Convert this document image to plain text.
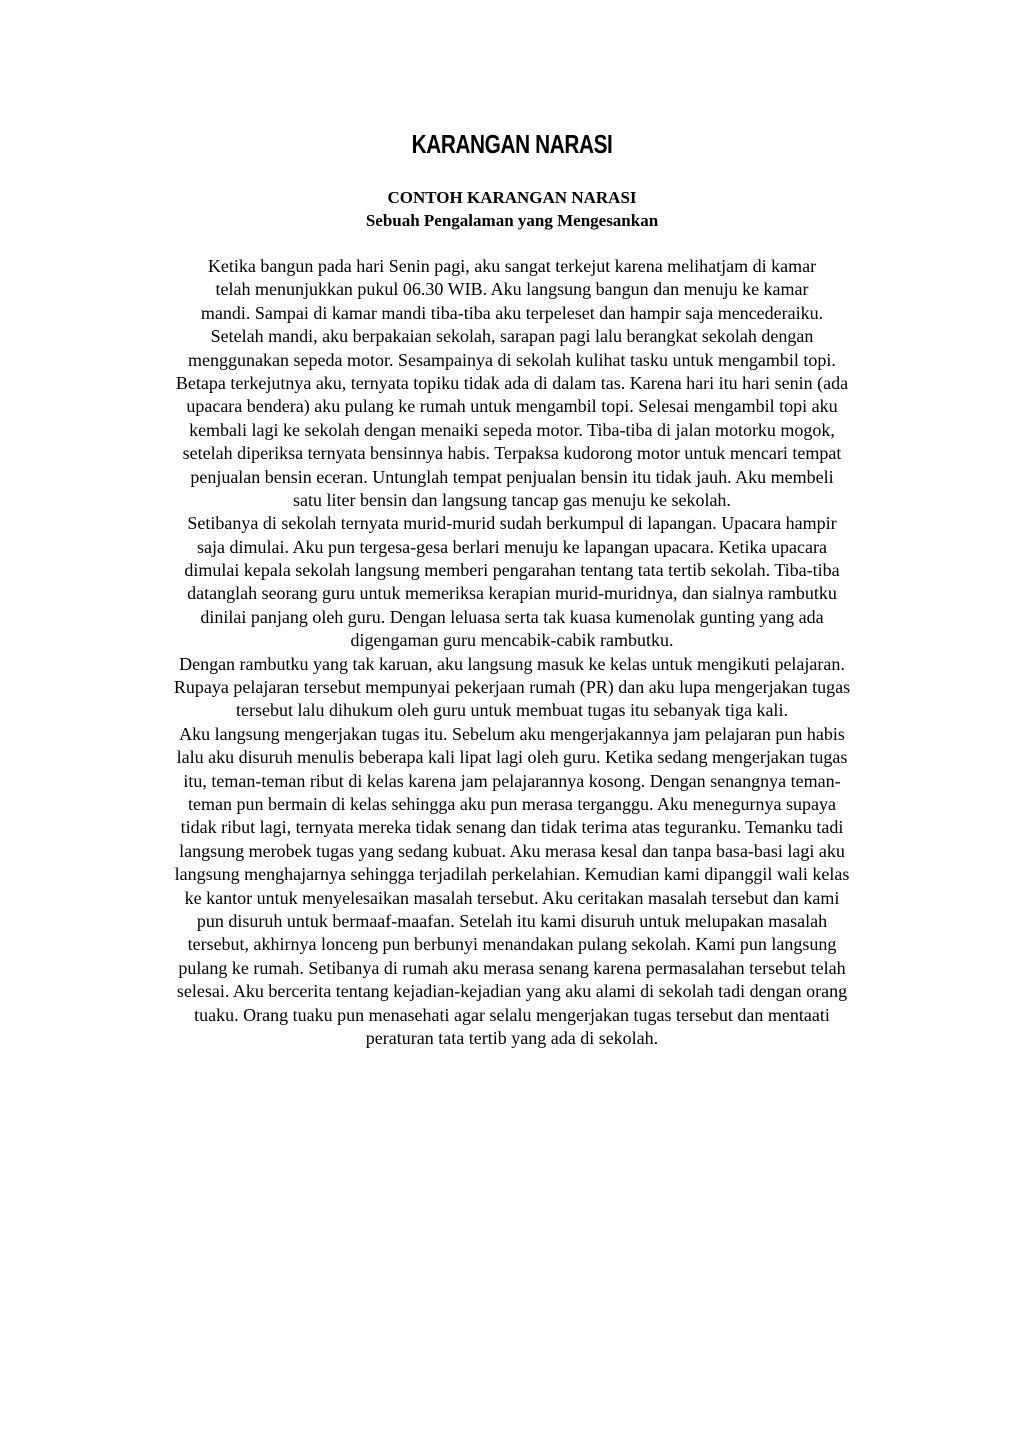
KARANGAN NARASI
CONTOH KARANGAN NARASI
Sebuah Pengalaman yang Mengesankan
Ketika bangun pada hari Senin pagi, aku sangat terkejut karena melihatjam di kamar
telah menunjukkan pukul 06.30 WIB. Aku langsung bangun dan menuju ke kamar
mandi. Sampai di kamar mandi tiba-tiba aku terpeleset dan hampir saja mencederaiku.
Setelah mandi, aku berpakaian sekolah, sarapan pagi lalu berangkat sekolah dengan
menggunakan sepeda motor. Sesampainya di sekolah kulihat tasku untuk mengambil topi.
Betapa terkejutnya aku, ternyata topiku tidak ada di dalam tas. Karena hari itu hari senin (ada
upacara bendera) aku pulang ke rumah untuk mengambil topi. Selesai mengambil topi aku
kembali lagi ke sekolah dengan menaiki sepeda motor. Tiba-tiba di jalan motorku mogok,
setelah diperiksa ternyata bensinnya habis. Terpaksa kudorong motor untuk mencari tempat
penjualan bensin eceran. Untunglah tempat penjualan bensin itu tidak jauh. Aku membeli
satu liter bensin dan langsung tancap gas menuju ke sekolah.
Setibanya di sekolah ternyata murid-murid sudah berkumpul di lapangan. Upacara hampir
saja dimulai. Aku pun tergesa-gesa berlari menuju ke lapangan upacara. Ketika upacara
dimulai kepala sekolah langsung memberi pengarahan tentang tata tertib sekolah. Tiba-tiba
datanglah seorang guru untuk memeriksa kerapian murid-muridnya, dan sialnya rambutku
dinilai panjang oleh guru. Dengan leluasa serta tak kuasa kumenolak gunting yang ada
digengaman guru mencabik-cabik rambutku.
Dengan rambutku yang tak karuan, aku langsung masuk ke kelas untuk mengikuti pelajaran.
Rupaya pelajaran tersebut mempunyai pekerjaan rumah (PR) dan aku lupa mengerjakan tugas
tersebut lalu dihukum oleh guru untuk membuat tugas itu sebanyak tiga kali.
Aku langsung mengerjakan tugas itu. Sebelum aku mengerjakannya jam pelajaran pun habis
lalu aku disuruh menulis beberapa kali lipat lagi oleh guru. Ketika sedang mengerjakan tugas
itu, teman-teman ribut di kelas karena jam pelajarannya kosong. Dengan senangnya teman-
teman pun bermain di kelas sehingga aku pun merasa terganggu. Aku menegurnya supaya
tidak ribut lagi, ternyata mereka tidak senang dan tidak terima atas teguranku. Temanku tadi
langsung merobek tugas yang sedang kubuat. Aku merasa kesal dan tanpa basa-basi lagi aku
langsung menghajarnya sehingga terjadilah perkelahian. Kemudian kami dipanggil wali kelas
ke kantor untuk menyelesaikan masalah tersebut. Aku ceritakan masalah tersebut dan kami
pun disuruh untuk bermaaf-maafan. Setelah itu kami disuruh untuk melupakan masalah
tersebut, akhirnya lonceng pun berbunyi menandakan pulang sekolah. Kami pun langsung
pulang ke rumah. Setibanya di rumah aku merasa senang karena permasalahan tersebut telah
selesai. Aku bercerita tentang kejadian-kejadian yang aku alami di sekolah tadi dengan orang
tuaku. Orang tuaku pun menasehati agar selalu mengerjakan tugas tersebut dan mentaati
peraturan tata tertib yang ada di sekolah.
